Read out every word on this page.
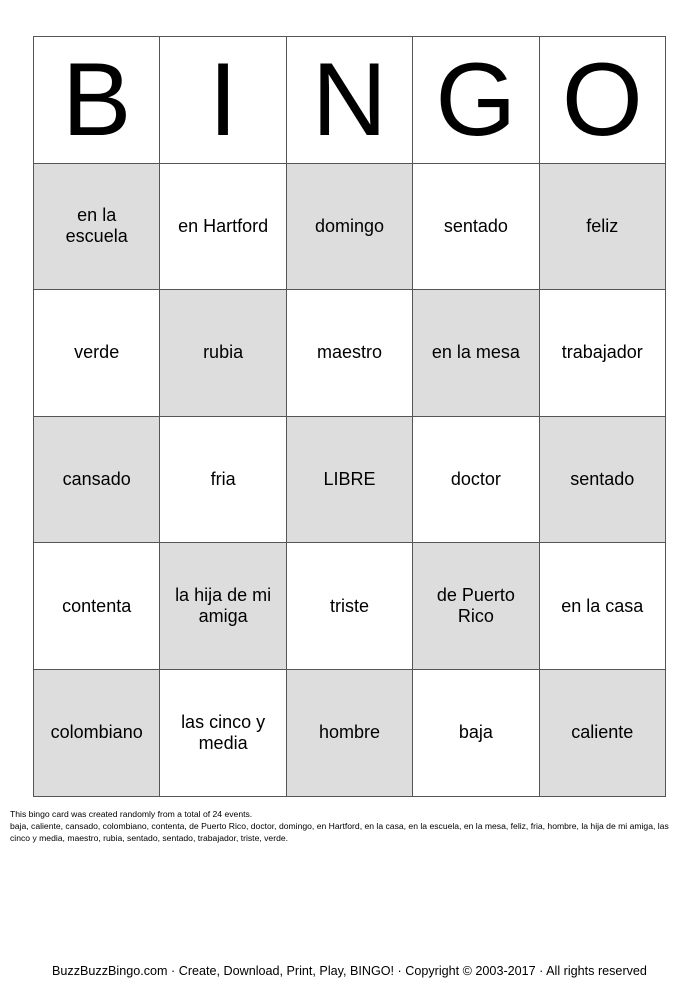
B	I	N	G	O
en la escuela	en Hartford	domingo	sentado	feliz
verde	rubia	maestro	en la mesa	trabajador
cansado	fria	LIBRE	doctor	sentado
contenta	la hija de mi amiga	triste	de Puerto Rico	en la casa
colombiano	las cinco y media	hombre	baja	caliente

This bingo card was created randomly from a total of 24 events.

baja, caliente, cansado, colombiano, contenta, de Puerto Rico, doctor, domingo, en Hartford, en la casa, en la escuela, en la mesa, feliz, fria, hombre, la hija de mi amiga, las cinco y media, maestro, rubia, sentado, sentado, trabajador, triste, verde.

BuzzBuzzBingo.com · Create, Download, Print, Play, BINGO! · Copyright © 2003-2017 · All rights reserved
